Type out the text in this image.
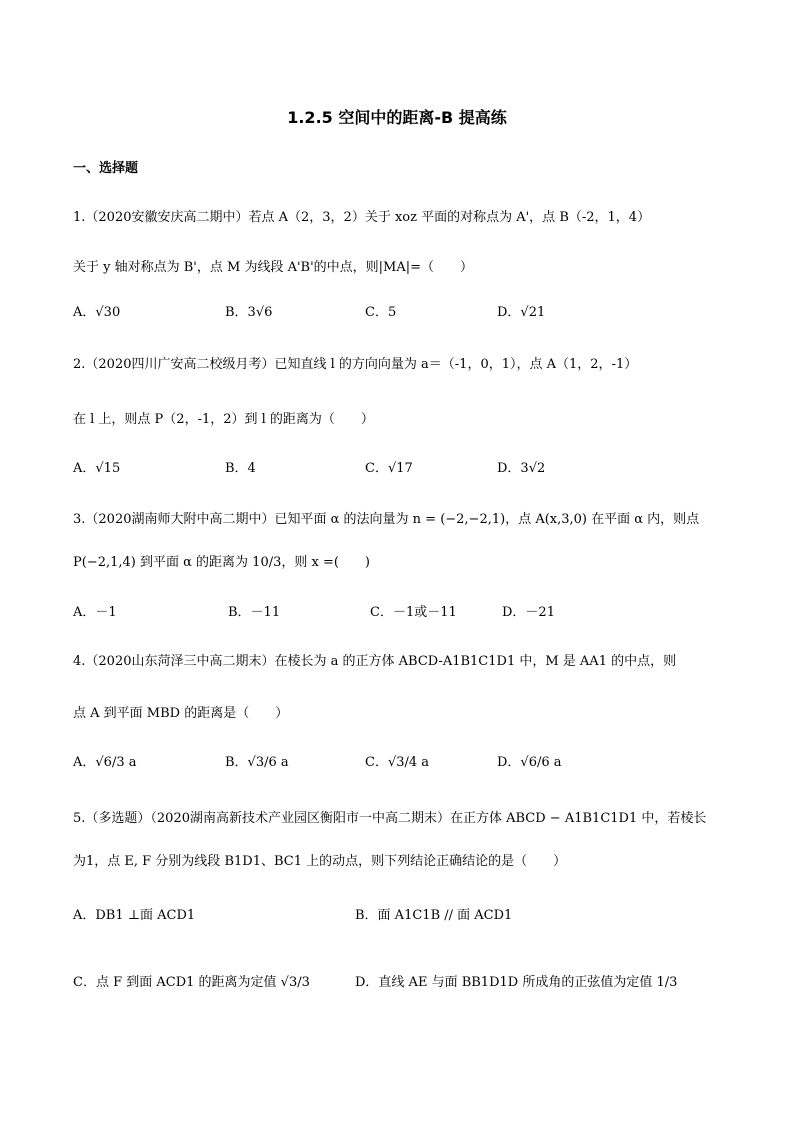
1.2.5 空间中的距离-B 提高练
一、选择题
1.（2020安徽安庆高二期中）若点 A（2，3，2）关于 xoz 平面的对称点为 A'，点 B（-2，1，4）
关于 y 轴对称点为 B'，点 M 为线段 A'B'的中点，则|MA|=（　　）
A．√30	B．3√6	C．5	D．√21
2.（2020四川广安高二校级月考）已知直线 l 的方向向量为 a＝（-1，0，1），点 A（1，2，-1）
在 l 上，则点 P（2，-1，2）到 l 的距离为（　　）
A．√15	B．4	C．√17	D．3√2
3.（2020湖南师大附中高二期中）已知平面 α 的法向量为 n = (−2,−2,1)，点 A(x,3,0) 在平面 α 内，则点
P(−2,1,4) 到平面 α 的距离为 10/3，则 x =(　　)
A．－1	B．－11	C．－1或－11	D．－21
4.（2020山东菏泽三中高二期末）在棱长为 a 的正方体 ABCD-A1B1C1D1 中，M 是 AA1 的中点，则
点 A 到平面 MBD 的距离是（　　）
A．√6/3 a	B．√3/6 a	C．√3/4 a	D．√6/6 a
5.（多选题）（2020湖南高新技术产业园区衡阳市一中高二期末）在正方体 ABCD − A1B1C1D1 中，若棱长
为1，点 E, F 分别为线段 B1D1、BC1 上的动点，则下列结论正确结论的是（　　）
A．DB1 ⊥面 ACD1	B．面 A1C1B // 面 ACD1
C．点 F 到面 ACD1 的距离为定值 √3/3	D．直线 AE 与面 BB1D1D 所成角的正弦值为定值 1/3
